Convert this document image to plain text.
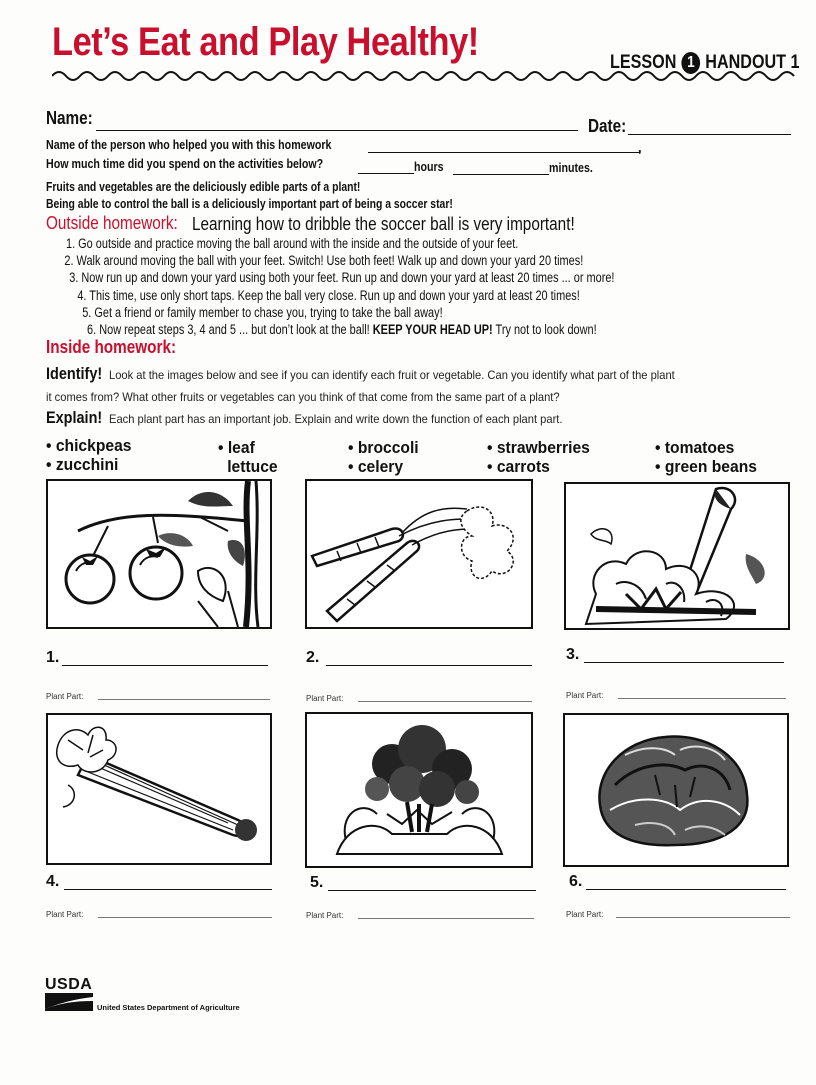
Let’s Eat and Play Healthy!	LESSON 1 HANDOUT 1
Name:	Date:
Name of the person who helped you with this homework	,
How much time did you spend on the activities below?	hours	minutes.
Fruits and vegetables are the deliciously edible parts of a plant!
Being able to control the ball is a deliciously important part of being a soccer star!
Outside homework: Learning how to dribble the soccer ball is very important!
1. Go outside and practice moving the ball around with the inside and the outside of your feet.
2. Walk around moving the ball with your feet. Switch! Use both feet! Walk up and down your yard 20 times!
3. Now run up and down your yard using both your feet. Run up and down your yard at least 20 times ... or more!
4. This time, use only short taps. Keep the ball very close. Run up and down your yard at least 20 times!
5. Get a friend or family member to chase you, trying to take the ball away!
6. Now repeat steps 3, 4 and 5 ... but don’t look at the ball! KEEP YOUR HEAD UP! Try not to look down!
Inside homework:
Identify! Look at the images below and see if you can identify each fruit or vegetable. Can you identify what part of the plant
it comes from? What other fruits or vegetables can you think of that come from the same part of a plant?
Explain! Each plant part has an important job. Explain and write down the function of each plant part.
• chickpeas
• zucchini
• leaf
lettuce
• broccoli
• celery
• strawberries
• carrots
• tomatoes
• green beans
1.
Plant Part:
2.
Plant Part:
3.
Plant Part:
4.
Plant Part:
5.
Plant Part:
6.
Plant Part:
USDA
United States Department of Agriculture
